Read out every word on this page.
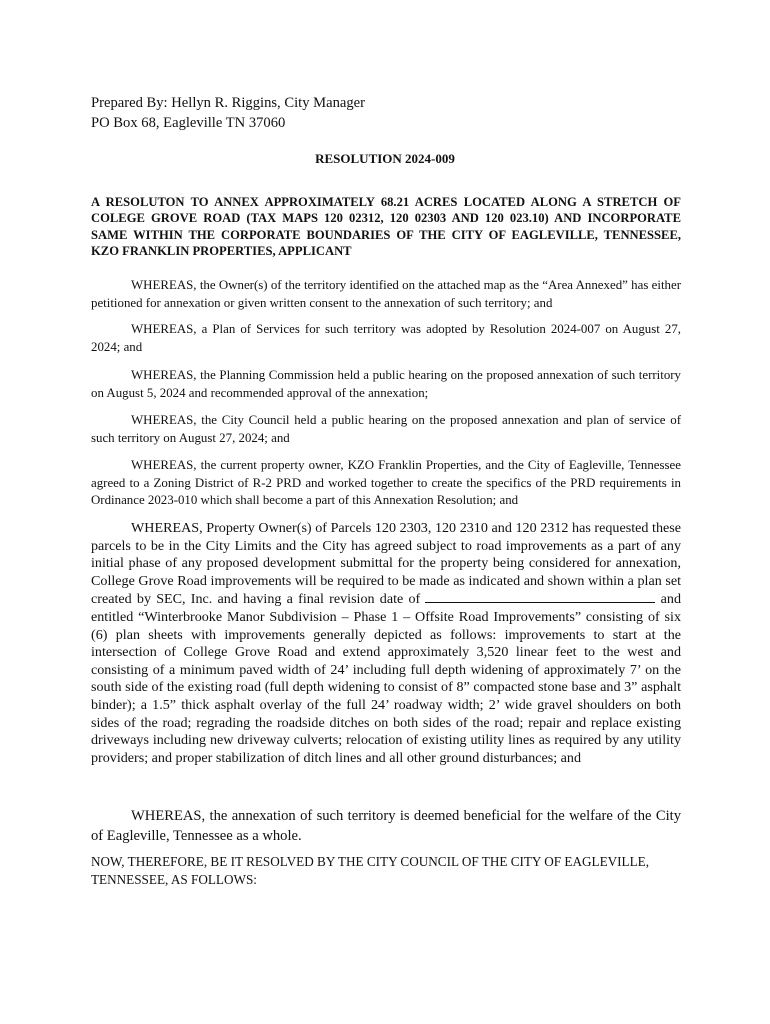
Prepared By: Hellyn R. Riggins, City Manager
PO Box 68, Eagleville TN 37060
RESOLUTION 2024-009
A RESOLUTON TO ANNEX APPROXIMATELY 68.21 ACRES LOCATED ALONG A STRETCH OF COLEGE GROVE ROAD (TAX MAPS 120 02312, 120 02303 AND 120 023.10) AND INCORPORATE SAME WITHIN THE CORPORATE BOUNDARIES OF THE CITY OF EAGLEVILLE, TENNESSEE, KZO FRANKLIN PROPERTIES, APPLICANT
WHEREAS, the Owner(s) of the territory identified on the attached map as the “Area Annexed” has either petitioned for annexation or given written consent to the annexation of such territory; and
WHEREAS, a Plan of Services for such territory was adopted by Resolution 2024-007 on August 27, 2024; and
WHEREAS, the Planning Commission held a public hearing on the proposed annexation of such territory on August 5, 2024 and recommended approval of the annexation;
WHEREAS, the City Council held a public hearing on the proposed annexation and plan of service of such territory on August 27, 2024; and
WHEREAS, the current property owner, KZO Franklin Properties, and the City of Eagleville, Tennessee agreed to a Zoning District of R-2 PRD and worked together to create the specifics of the PRD requirements in Ordinance 2023-010 which shall become a part of this Annexation Resolution; and
WHEREAS, Property Owner(s) of Parcels 120 2303, 120 2310 and 120 2312 has requested these parcels to be in the City Limits and the City has agreed subject to road improvements as a part of any initial phase of any proposed development submittal for the property being considered for annexation, College Grove Road improvements will be required to be made as indicated and shown within a plan set created by SEC, Inc. and having a final revision date of	and entitled “Winterbrooke Manor Subdivision – Phase 1 – Offsite Road Improvements” consisting of six (6) plan sheets with improvements generally depicted as follows: improvements to start at the intersection of College Grove Road and extend approximately 3,520 linear feet to the west and consisting of a minimum paved width of 24’ including full depth widening of approximately 7’ on the south side of the existing road (full depth widening to consist of 8” compacted stone base and 3” asphalt binder); a 1.5” thick asphalt overlay of the full 24’ roadway width; 2’ wide gravel shoulders on both sides of the road; regrading the roadside ditches on both sides of the road; repair and replace existing driveways including new driveway culverts; relocation of existing utility lines as required by any utility providers; and proper stabilization of ditch lines and all other ground disturbances; and
WHEREAS, the annexation of such territory is deemed beneficial for the welfare of the City of Eagleville, Tennessee as a whole.
NOW, THEREFORE, BE IT RESOLVED BY THE CITY COUNCIL OF THE CITY OF EAGLEVILLE, TENNESSEE, AS FOLLOWS:
